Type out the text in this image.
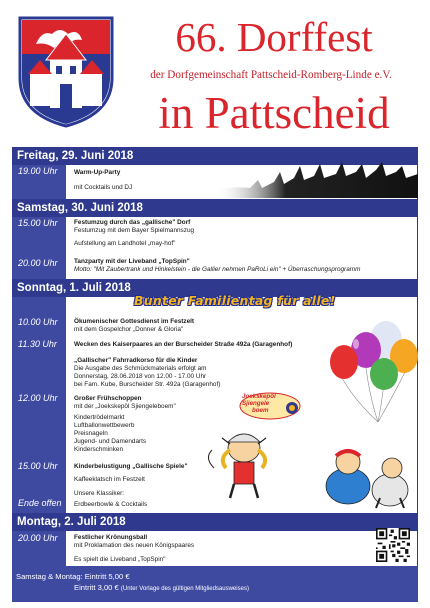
66. Dorffest
der Dorfgemeinschaft Pattscheid-Romberg-Linde e.V.
in Pattscheid
Freitag, 29. Juni 2018
19.00 Uhr	Warm-Up-Party
mit Cocktails und DJ
Samstag, 30. Juni 2018
15.00 Uhr	Festumzug durch das „gallische" Dorf
Festumzug mit dem Bayer Spielmannszug
Aufstellung am Landhotel „may-hof"
20.00 Uhr	Tanzparty mit der Liveband „TopSpin"
Motto: "Mit Zaubertrank und Hinkelstein - die Gallier nehmen PaRoLi ein" + Überraschungsprogramm
Sonntag, 1. Juli 2018
Bunter Familientag für alle!
10.00 Uhr	Ökumenischer Gottesdienst im Festzelt
mit dem Gospelchor „Donner & Gloria"
11.30 Uhr	Wecken des Kaiserpaares an der Burscheider Straße 492a (Garagenhof)
„Gallischer" Fahrradkorso für die Kinder
Die Ausgabe des Schmückmaterials erfolgt am
Donnerstag, 28.06.2018 von 12.00 - 17.00 Uhr
bei Fam. Kube, Burscheider Str. 492a (Garagenhof)
12.00 Uhr	Großer Frühschoppen
mit der „Joekskepöl Sjiengeleboem"
Kindertrödelmarkt
Luftballonwettbewerb
Preisnageln
Jugend- und Damendarts
Kinderschminken
15.00 Uhr	Kinderbelustigung „Gallische Spiele"
Kaffeeklatsch im Festzelt
Ende offen
Unsere Klassiker:
Erdbeerbowle & Cocktails
Joekskepöl
Sjiengele
boem
Montag, 2. Juli 2018
20.00 Uhr	Festlicher Krönungsball
mit Proklamation des neuen Königspaares
Es spielt die Liveband „TopSpin"
Samstag & Montag: Eintritt 5,00 €
Eintritt 3,00 € (Unter Vorlage des gültigen Mitgliedsausweises)
